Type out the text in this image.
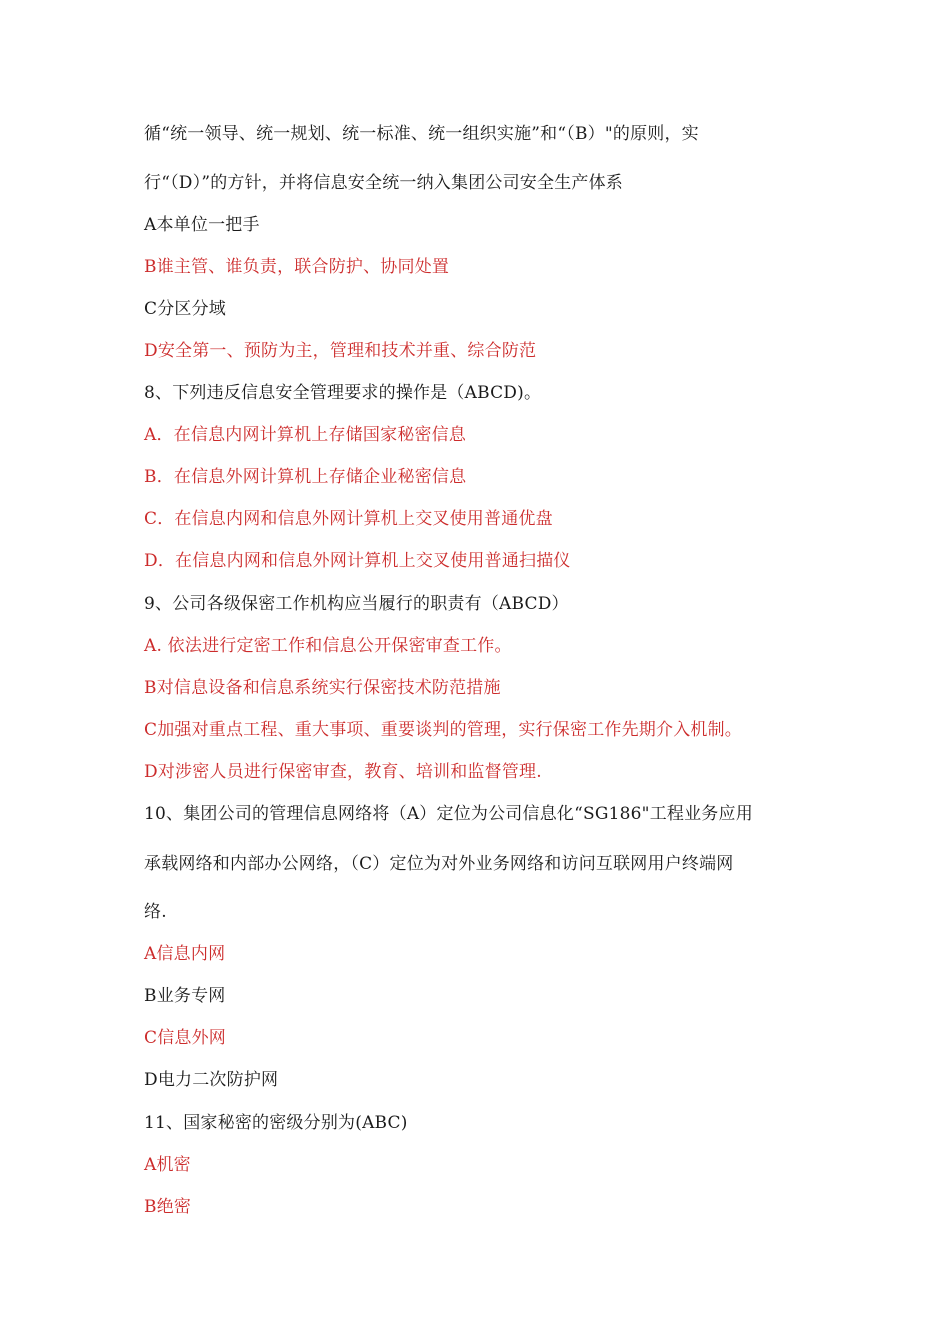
循“统一领导、统一规划、统一标准、统一组织实施”和“（B）"的原则，实
行“（D）”的方针，并将信息安全统一纳入集团公司安全生产体系
A本单位一把手
B谁主管、谁负责，联合防护、协同处置
C分区分域
D安全第一、预防为主，管理和技术并重、综合防范
8、下列违反信息安全管理要求的操作是（ABCD)。
A．在信息内网计算机上存储国家秘密信息
B．在信息外网计算机上存储企业秘密信息
C．在信息内网和信息外网计算机上交叉使用普通优盘
D．在信息内网和信息外网计算机上交叉使用普通扫描仪
9、公司各级保密工作机构应当履行的职责有（ABCD）
A. 依法进行定密工作和信息公开保密审查工作。
B对信息设备和信息系统实行保密技术防范措施
C加强对重点工程、重大事项、重要谈判的管理，实行保密工作先期介入机制。
D对涉密人员进行保密审查，教育、培训和监督管理.
10、集团公司的管理信息网络将（A）定位为公司信息化“SG186"工程业务应用
承载网络和内部办公网络，（C）定位为对外业务网络和访问互联网用户终端网
络.
A信息内网
B业务专网
C信息外网
D电力二次防护网
11、国家秘密的密级分别为(ABC)
A机密
B绝密
